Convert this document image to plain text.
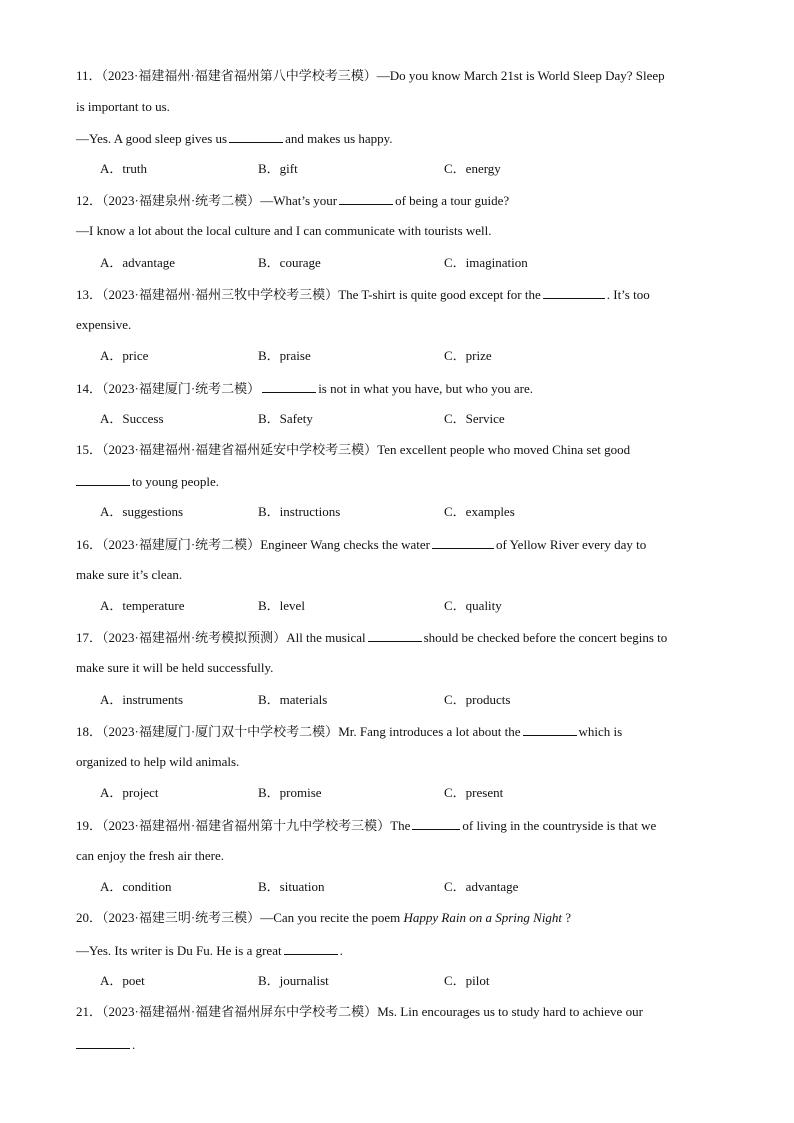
11．（2023·福建福州·福建省福州第八中学校考三模）—Do you know March 21st is World Sleep Day? Sleep
is important to us.
—Yes. A good sleep gives us	and makes us happy.
A．truth	B．gift	C．energy
12．（2023·福建泉州·统考二模）—What’s your	of being a tour guide?
—I know a lot about the local culture and I can communicate with tourists well.
A．advantage	B．courage	C．imagination
13．（2023·福建福州·福州三牧中学校考三模）The T-shirt is quite good except for the	. It’s too
expensive.
A．price	B．praise	C．prize
14．（2023·福建厦门·统考二模）	is not in what you have, but who you are.
A．Success	B．Safety	C．Service
15．（2023·福建福州·福建省福州延安中学校考三模）Ten excellent people who moved China set good
to young people.
A．suggestions	B．instructions	C．examples
16．（2023·福建厦门·统考二模）Engineer Wang checks the water	of Yellow River every day to
make sure it’s clean.
A．temperature	B．level	C．quality
17．（2023·福建福州·统考模拟预测）All the musical	should be checked before the concert begins to
make sure it will be held successfully.
A．instruments	B．materials	C．products
18．（2023·福建厦门·厦门双十中学校考二模）Mr. Fang introduces a lot about the	which is
organized to help wild animals.
A．project	B．promise	C．present
19．（2023·福建福州·福建省福州第十九中学校考三模）The	of living in the countryside is that we
can enjoy the fresh air there.
A．condition	B．situation	C．advantage
20．（2023·福建三明·统考三模）—Can you recite the poem Happy Rain on a Spring Night ?
—Yes. Its writer is Du Fu. He is a great	.
A．poet	B．journalist	C．pilot
21．（2023·福建福州·福建省福州屏东中学校考二模）Ms. Lin encourages us to study hard to achieve our
.
